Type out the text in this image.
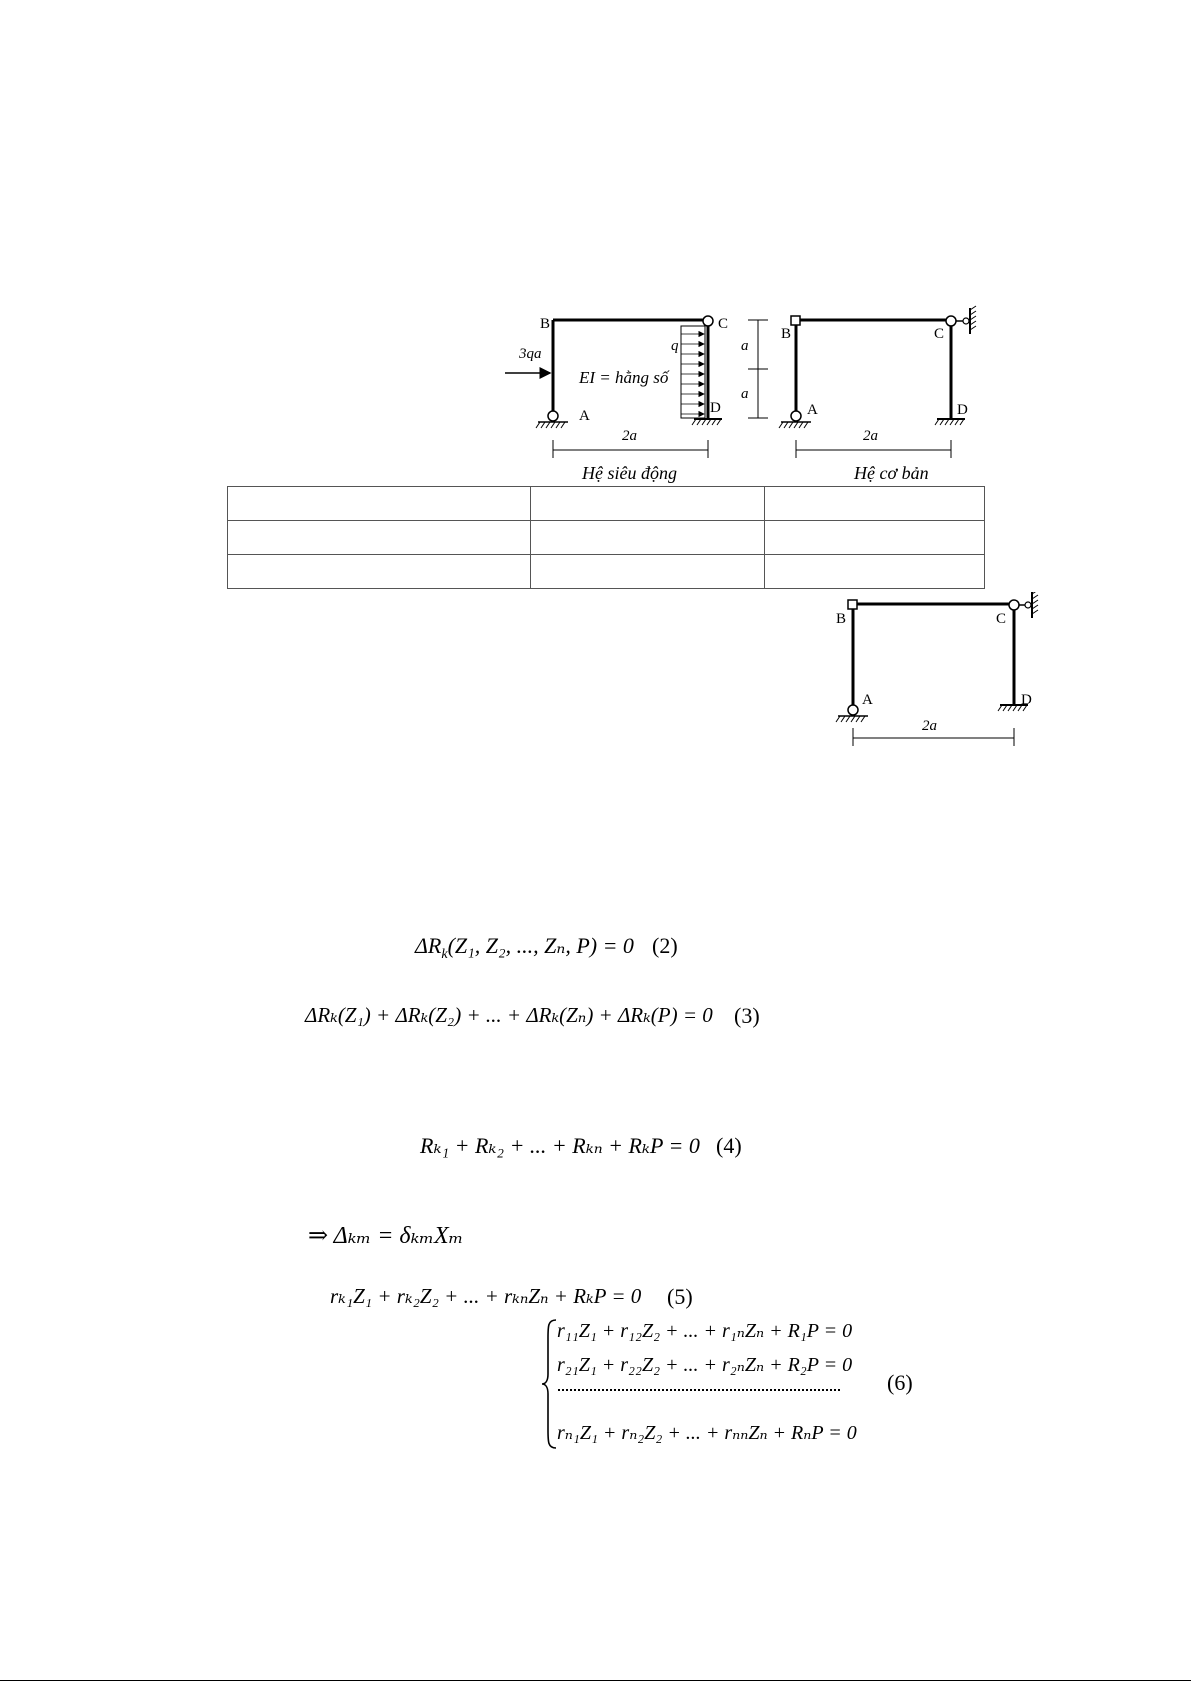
B	C
A	D
3qa	q
EI = hằng số
2a
a
a
Hệ siêu động
B	C
A	D
2a
Hệ cơ bản

B	C
A	D
2a
$\Delta R_k(Z_1$, Z₂, ..., Zₙ, P) = 0 (2)
ΔRₖ(Z₁) + ΔRₖ(Z₂) + ... + ΔRₖ(Zₙ) + ΔRₖ(P) = 0 (3)
Rₖ₁ + Rₖ₂ + ... + Rₖₙ + RₖP = 0 (4)
⇒ Δₖₘ = δₖₘXₘ
rₖ₁Z₁ + rₖ₂Z₂ + ... + rₖₙZₙ + RₖP = 0 (5)
r₁₁Z₁ + r₁₂Z₂ + ... + r₁ₙZₙ + R₁P = 0
r₂₁Z₁ + r₂₂Z₂ + ... + r₂ₙZₙ + R₂P = 0
rₙ₁Z₁ + rₙ₂Z₂ + ... + rₙₙZₙ + RₙP = 0
(6)
